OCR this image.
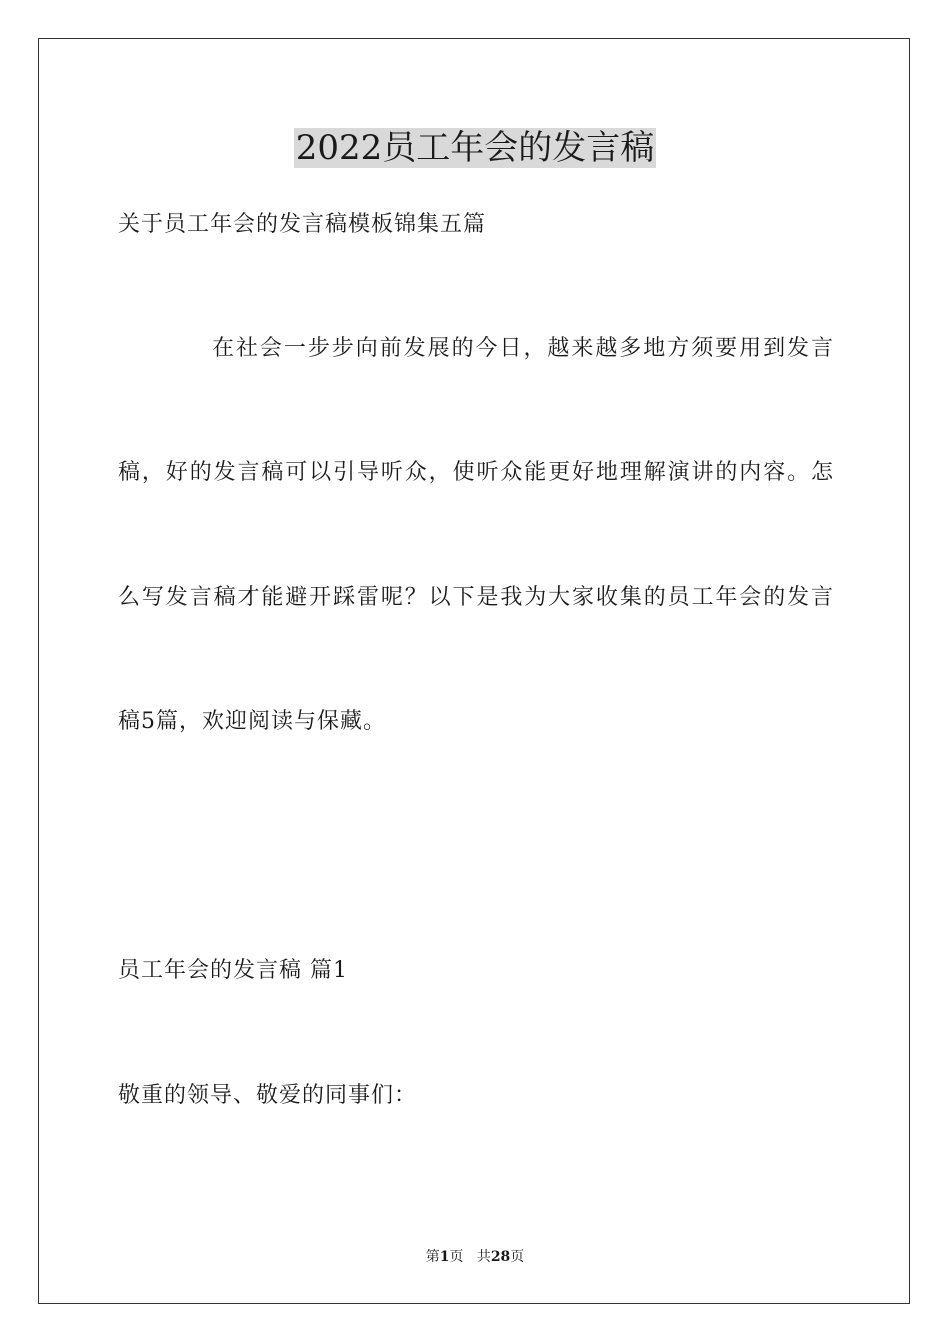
2022员工年会的发言稿

关于员工年会的发言稿模板锦集五篇

在社会一步步向前发展的今日，越来越多地方须要用到发言

稿，好的发言稿可以引导听众，使听众能更好地理解演讲的内容。怎

么写发言稿才能避开踩雷呢？以下是我为大家收集的员工年会的发言

稿5篇，欢迎阅读与保藏。

员工年会的发言稿 篇1

敬重的领导、敬爱的同事们：

第1页 共28页
